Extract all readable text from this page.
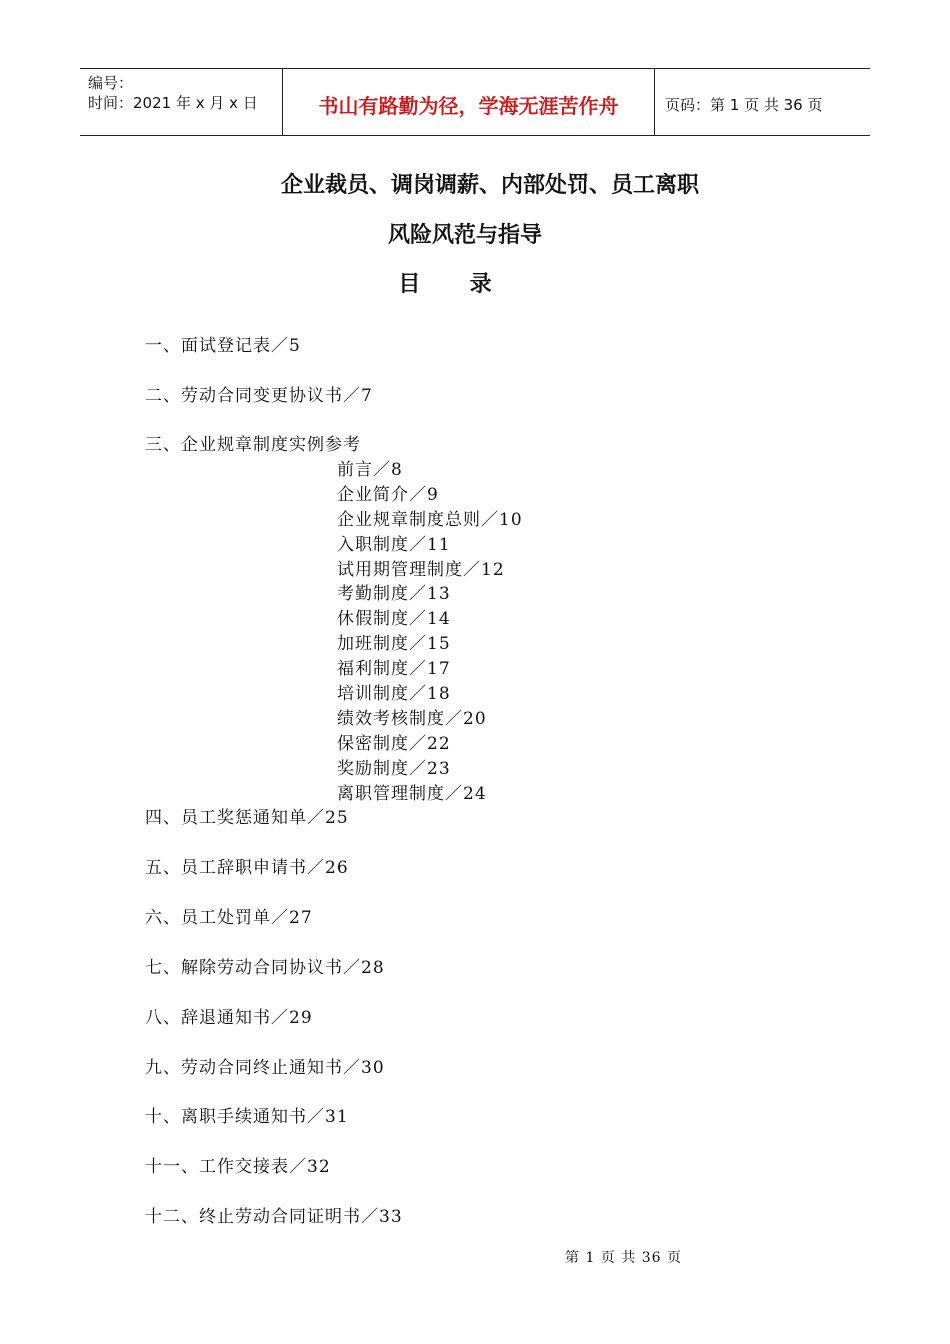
编号：
时间：2021 年 x 月 x 日	书山有路勤为径，学海无涯苦作舟	页码：第 1 页 共 36 页
企业裁员、调岗调薪、内部处罚、员工离职
风险风范与指导
目 录
一、面试登记表／5
二、劳动合同变更协议书／7
三、企业规章制度实例参考
前言／8
企业简介／9
企业规章制度总则／10
入职制度／11
试用期管理制度／12
考勤制度／13
休假制度／14
加班制度／15
福利制度／17
培训制度／18
绩效考核制度／20
保密制度／22
奖励制度／23
离职管理制度／24
四、员工奖惩通知单／25
五、员工辞职申请书／26
六、员工处罚单／27
七、解除劳动合同协议书／28
八、辞退通知书／29
九、劳动合同终止通知书／30
十、离职手续通知书／31
十一、工作交接表／32
十二、终止劳动合同证明书／33
第 1 页 共 36 页
